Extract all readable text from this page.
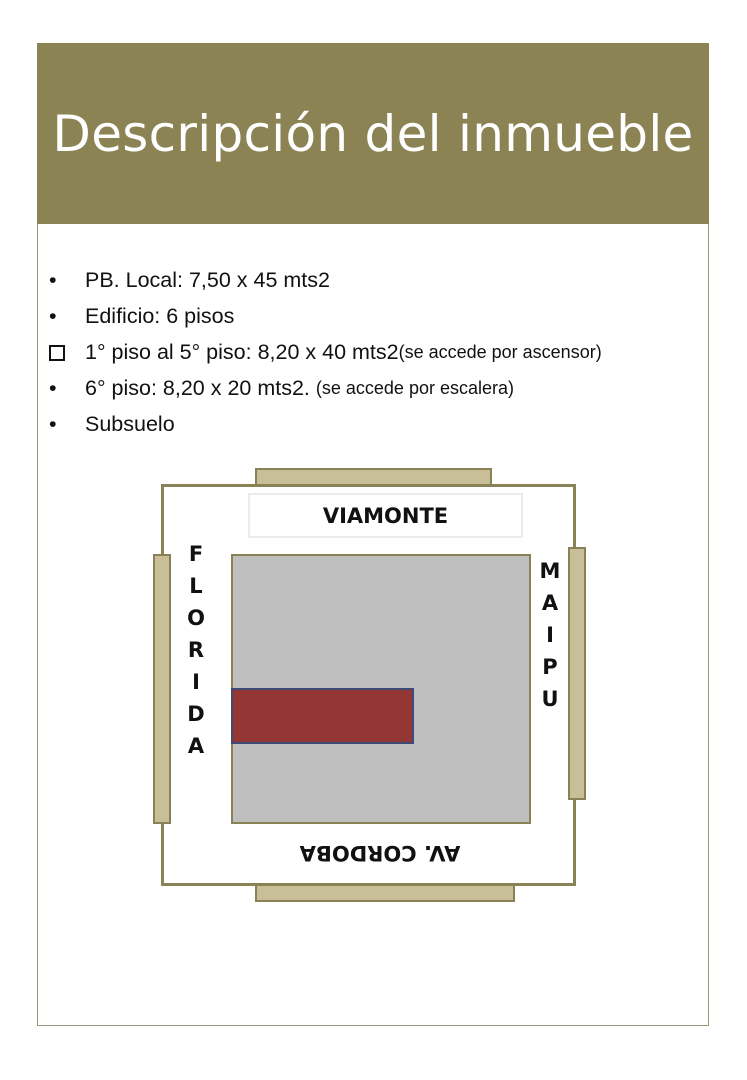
Descripción del inmueble
•	PB. Local: 7,50 x 45 mts2
•	Edificio: 6 pisos
1° piso al 5° piso: 8,20 x 40 mts2 (se accede por ascensor)
•	6° piso: 8,20 x 20 mts2. (se accede por escalera)
•	Subsuelo
VIAMONTE
F
L
O
R
I
D
A
M
A
I
P
U
AV. CORDOBA
